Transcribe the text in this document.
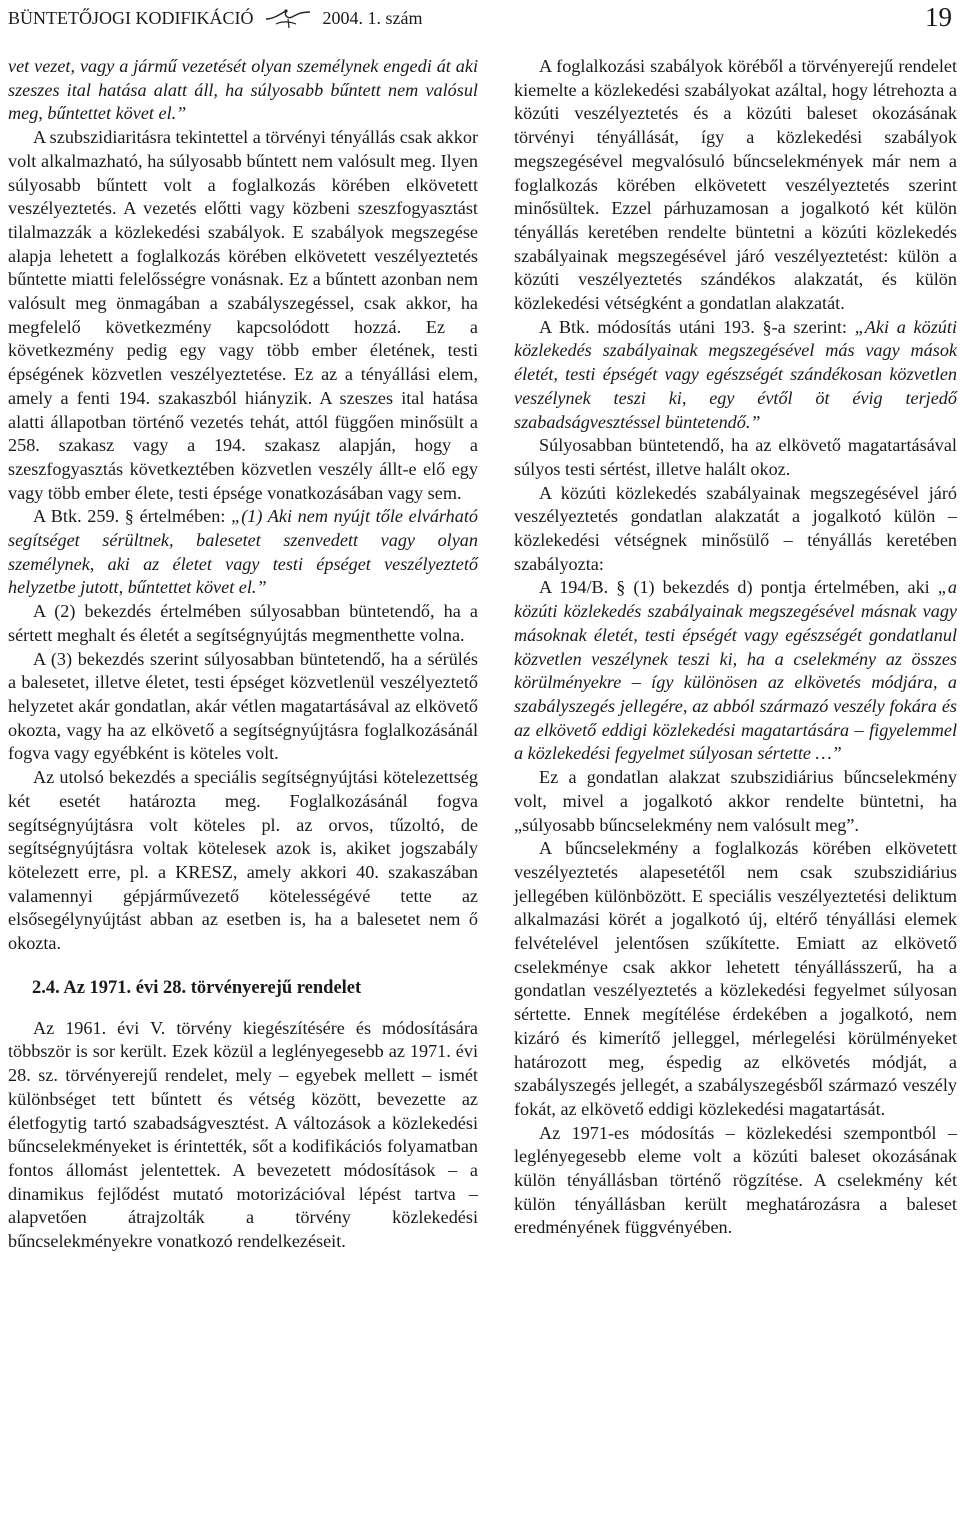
BÜNTETŐJOGI KODIFIKÁCIÓ	2004. 1. szám	19

vet vezet, vagy a jármű vezetését olyan személynek engedi át aki szeszes ital hatása alatt áll, ha súlyosabb bűntett nem valósul meg, bűntettet követ el.”

A szubszidiaritásra tekintettel a törvényi tényállás csak akkor volt alkalmazható, ha súlyosabb bűntett nem valósult meg. Ilyen súlyosabb bűntett volt a foglalkozás körében elkövetett veszélyeztetés. A vezetés előtti vagy közbeni szeszfogyasztást tilalmazzák a közlekedési szabályok. E szabályok megszegése alapja lehetett a foglalkozás körében elkövetett veszélyeztetés bűntette miatti felelősségre vonásnak. Ez a bűntett azonban nem valósult meg önmagában a szabályszegéssel, csak akkor, ha megfelelő következmény kapcsolódott hozzá. Ez a következmény pedig egy vagy több ember életének, testi épségének közvetlen veszélyeztetése. Ez az a tényállási elem, amely a fenti 194. szakaszból hiányzik. A szeszes ital hatása alatti állapotban történő vezetés tehát, attól függően minősült a 258. szakasz vagy a 194. szakasz alapján, hogy a szeszfogyasztás következtében közvetlen veszély állt-e elő egy vagy több ember élete, testi épsége vonatkozásában vagy sem.

A Btk. 259. § értelmében: „(1) Aki nem nyújt tőle elvárható segítséget sérültnek, balesetet szenvedett vagy olyan személynek, aki az életet vagy testi épséget veszélyeztető helyzetbe jutott, bűntettet követ el.”

A (2) bekezdés értelmében súlyosabban büntetendő, ha a sértett meghalt és életét a segítségnyújtás megmenthette volna.

A (3) bekezdés szerint súlyosabban büntetendő, ha a sérülés a balesetet, illetve életet, testi épséget közvetlenül veszélyeztető helyzetet akár gondatlan, akár vétlen magatartásával az elkövető okozta, vagy ha az elkövető a segítségnyújtásra foglalkozásánál fogva vagy egyébként is köteles volt.

Az utolsó bekezdés a speciális segítségnyújtási kötelezettség két esetét határozta meg. Foglalkozásánál fogva segítségnyújtásra volt köteles pl. az orvos, tűzoltó, de segítségnyújtásra voltak kötelesek azok is, akiket jogszabály kötelezett erre, pl. a KRESZ, amely akkori 40. szakaszában valamennyi gépjárművezető kötelességévé tette az elsősegélynyújtást abban az esetben is, ha a balesetet nem ő okozta.

2.4. Az 1971. évi 28. törvényerejű rendelet

Az 1961. évi V. törvény kiegészítésére és módosítására többször is sor került. Ezek közül a leglényegesebb az 1971. évi 28. sz. törvényerejű rendelet, mely – egyebek mellett – ismét különbséget tett bűntett és vétség között, bevezette az életfogytig tartó szabadságvesztést. A változások a közlekedési bűncselekményeket is érintették, sőt a kodifikációs folyamatban fontos állomást jelentettek. A bevezetett módosítások – a dinamikus fejlődést mutató motorizációval lépést tartva – alapvetően átrajzolták a törvény közlekedési bűncselekményekre vonatkozó rendelkezéseit.

A foglalkozási szabályok köréből a törvényerejű rendelet kiemelte a közlekedési szabályokat azáltal, hogy létrehozta a közúti veszélyeztetés és a közúti baleset okozásának törvényi tényállását, így a közlekedési szabályok megszegésével megvalósuló bűncselekmények már nem a foglalkozás körében elkövetett veszélyeztetés szerint minősültek. Ezzel párhuzamosan a jogalkotó két külön tényállás keretében rendelte büntetni a közúti közlekedés szabályainak megszegésével járó veszélyeztetést: külön a közúti veszélyeztetés szándékos alakzatát, és külön közlekedési vétségként a gondatlan alakzatát.

A Btk. módosítás utáni 193. §-a szerint: „Aki a közúti közlekedés szabályainak megszegésével más vagy mások életét, testi épségét vagy egészségét szándékosan közvetlen veszélynek teszi ki, egy évtől öt évig terjedő szabadságvesztéssel büntetendő.”

Súlyosabban büntetendő, ha az elkövető magatartásával súlyos testi sértést, illetve halált okoz.

A közúti közlekedés szabályainak megszegésével járó veszélyeztetés gondatlan alakzatát a jogalkotó külön – közlekedési vétségnek minősülő – tényállás keretében szabályozta:

A 194/B. § (1) bekezdés d) pontja értelmében, aki „a közúti közlekedés szabályainak megszegésével másnak vagy másoknak életét, testi épségét vagy egészségét gondatlanul közvetlen veszélynek teszi ki, ha a cselekmény az összes körülményekre – így különösen az elkövetés módjára, a szabályszegés jellegére, az abból származó veszély fokára és az elkövető eddigi közlekedési magatartására – figyelemmel a közlekedési fegyelmet súlyosan sértette …”

Ez a gondatlan alakzat szubszidiárius bűncselekmény volt, mivel a jogalkotó akkor rendelte büntetni, ha „súlyosabb bűncselekmény nem valósult meg”.

A bűncselekmény a foglalkozás körében elkövetett veszélyeztetés alapesetétől nem csak szubszidiárius jellegében különbözött. E speciális veszélyeztetési deliktum alkalmazási körét a jogalkotó új, eltérő tényállási elemek felvételével jelentősen szűkítette. Emiatt az elkövető cselekménye csak akkor lehetett tényállásszerű, ha a gondatlan veszélyeztetés a közlekedési fegyelmet súlyosan sértette. Ennek megítélése érdekében a jogalkotó, nem kizáró és kimerítő jelleggel, mérlegelési körülményeket határozott meg, éspedig az elkövetés módját, a szabályszegés jellegét, a szabályszegésből származó veszély fokát, az elkövető eddigi közlekedési magatartását.

Az 1971-es módosítás – közlekedési szempontból – leglényegesebb eleme volt a közúti baleset okozásának külön tényállásban történő rögzítése. A cselekmény két külön tényállásban került meghatározásra a baleset eredményének függvényében.
